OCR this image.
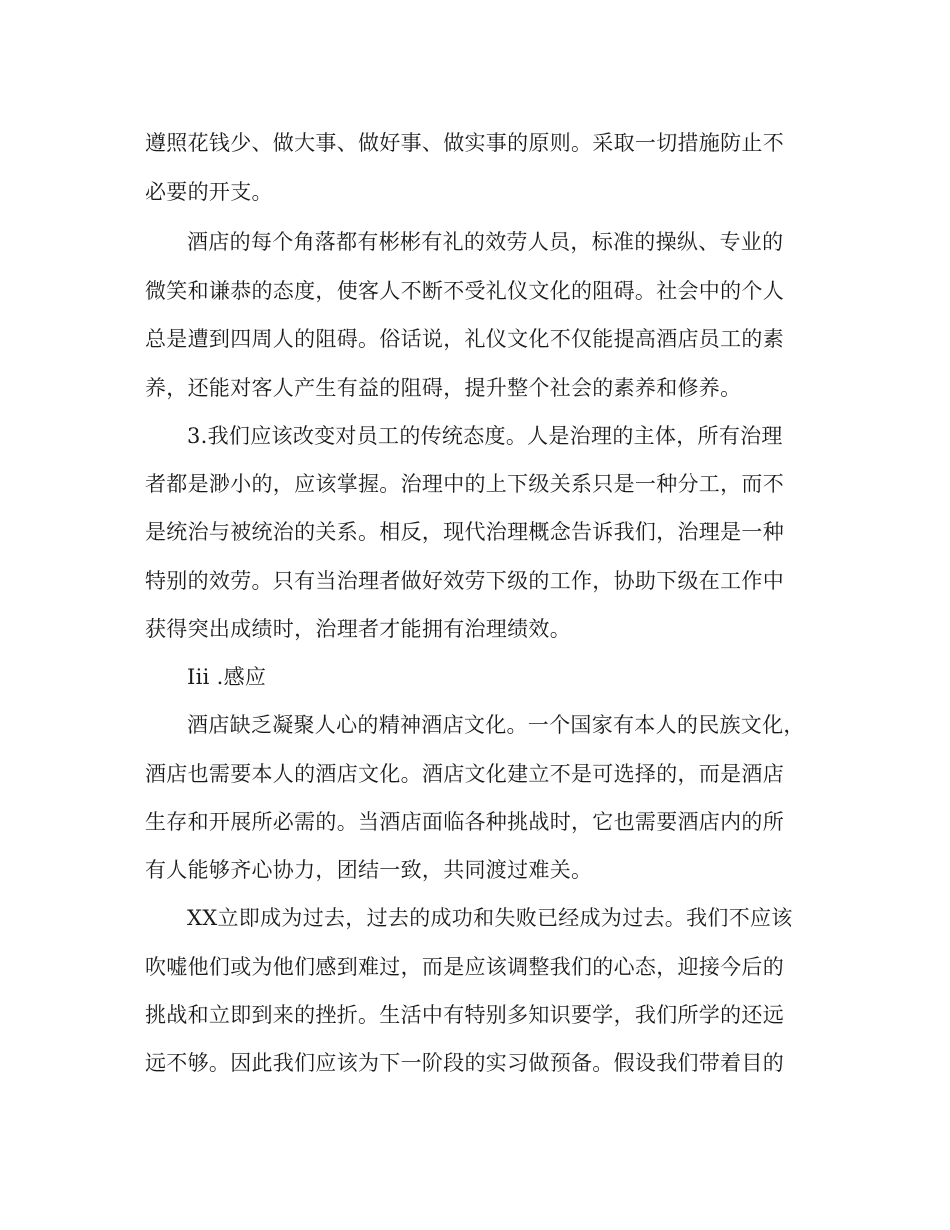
遵照花钱少、做大事、做好事、做实事的原则。采取一切措施防止不
必要的开支。
酒店的每个角落都有彬彬有礼的效劳人员，标准的操纵、专业的
微笑和谦恭的态度，使客人不断不受礼仪文化的阻碍。社会中的个人
总是遭到四周人的阻碍。俗话说，礼仪文化不仅能提高酒店员工的素
养，还能对客人产生有益的阻碍，提升整个社会的素养和修养。
3.我们应该改变对员工的传统态度。人是治理的主体，所有治理
者都是渺小的，应该掌握。治理中的上下级关系只是一种分工，而不
是统治与被统治的关系。相反，现代治理概念告诉我们，治理是一种
特别的效劳。只有当治理者做好效劳下级的工作，协助下级在工作中
获得突出成绩时，治理者才能拥有治理绩效。
Iii .感应
酒店缺乏凝聚人心的精神酒店文化。一个国家有本人的民族文化，
酒店也需要本人的酒店文化。酒店文化建立不是可选择的，而是酒店
生存和开展所必需的。当酒店面临各种挑战时，它也需要酒店内的所
有人能够齐心协力，团结一致，共同渡过难关。
XX立即成为过去，过去的成功和失败已经成为过去。我们不应该
吹嘘他们或为他们感到难过，而是应该调整我们的心态，迎接今后的
挑战和立即到来的挫折。生活中有特别多知识要学，我们所学的还远
远不够。因此我们应该为下一阶段的实习做预备。假设我们带着目的
